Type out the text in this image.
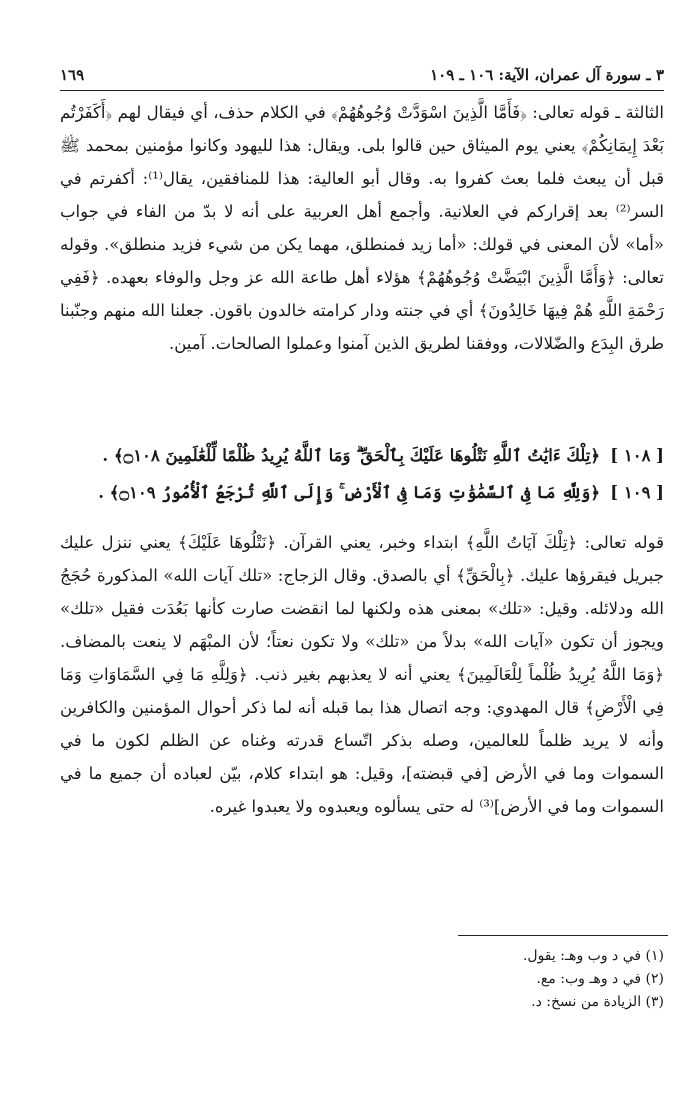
٣ ـ سورة آل عمران، الآية: ١٠٦ ـ ١٠٩
١٦٩

الثالثة ـ قوله تعالى: ﴿فَأَمَّا الَّذِينَ اسْوَدَّتْ وُجُوهُهُمْ﴾ في الكلام حذف، أي فيقال لهم ﴿أَكَفَرْتُم بَعْدَ إِيمَانِكُمْ﴾ يعني يوم الميثاق حين قالوا بلى. ويقال: هذا لليهود وكانوا مؤمنين بمحمد ﷺ قبل أن يبعث فلما بعث كفروا به. وقال أبو العالية: هذا للمنافقين، يقال⁽¹⁾: أكفرتم في السر⁽²⁾ بعد إقراركم في العلانية. وأجمع أهل العربية على أنه لا بدّ من الفاء في جواب «أما» لأن المعنى في قولك: «أما زيد فمنطلق، مهما يكن من شيء فزيد منطلق». وقوله تعالى: ﴿وَأَمَّا الَّذِينَ ابْيَضَّتْ وُجُوهُهُمْ﴾ هؤلاء أهل طاعة الله عز وجل والوفاء بعهده. ﴿فَفِي رَحْمَةِ اللَّهِ هُمْ فِيهَا خَالِدُونَ﴾ أي في جنته ودار كرامته خالدون باقون. جعلنا الله منهم وجنّبنا طرق البِدَع والضّلالات، ووفقنا لطريق الذين آمنوا وعملوا الصالحات. آمين.

[ ١٠٨ ]
﴿تِلْكَ ءَايَٰتُ ٱللَّهِ نَتْلُوهَا عَلَيْكَ بِٱلْحَقِّ ۗ وَمَا ٱللَّهُ يُرِيدُ ظُلْمًا لِّلْعَٰلَمِينَ ۝١٠٨﴾ .
[ ١٠٩ ]
﴿وَلِلَّهِ مَا فِى ٱلسَّمَٰوَٰتِ وَمَا فِى ٱلْأَرْضِ ۚ وَإِلَى ٱللَّهِ تُرْجَعُ ٱلْأُمُورُ ۝١٠٩﴾ .

قوله تعالى: ﴿تِلْكَ آيَاتُ اللَّهِ﴾ ابتداء وخبر، يعني القرآن. ﴿نَتْلُوهَا عَلَيْكَ﴾ يعني ننزل عليك جبريل فيقرؤها عليك. ﴿بِالْحَقِّ﴾ أي بالصدق. وقال الزجاج: «تلك آيات الله» المذكورة حُجَجُ الله ودلائله. وقيل: «تلك» بمعنى هذه ولكنها لما انقضت صارت كأنها بَعُدَت فقيل «تلك» ويجوز أن تكون «آيات الله» بدلاً من «تلك» ولا تكون نعتاً؛ لأن المبْهَم لا ينعت بالمضاف. ﴿وَمَا اللَّهُ يُرِيدُ ظُلْماً لِلْعَالَمِينَ﴾ يعني أنه لا يعذبهم بغير ذنب. ﴿وَلِلَّهِ مَا فِي السَّمَاوَاتِ وَمَا فِي الْأَرْضِ﴾ قال المهدوي: وجه اتصال هذا بما قبله أنه لما ذكر أحوال المؤمنين والكافرين وأنه لا يريد ظلماً للعالمين، وصله بذكر اتّساع قدرته وغناه عن الظلم لكون ما في السموات وما في الأرض [في قبضته]، وقيل: هو ابتداء كلام، بيّن لعباده أن جميع ما في السموات وما في الأرض]⁽³⁾ له حتى يسألوه ويعبدوه ولا يعبدوا غيره.

(١) في د وب وهـ: يقول.
(٢) في د وهـ وب: مع.
(٣) الزيادة من نسخ: د.
